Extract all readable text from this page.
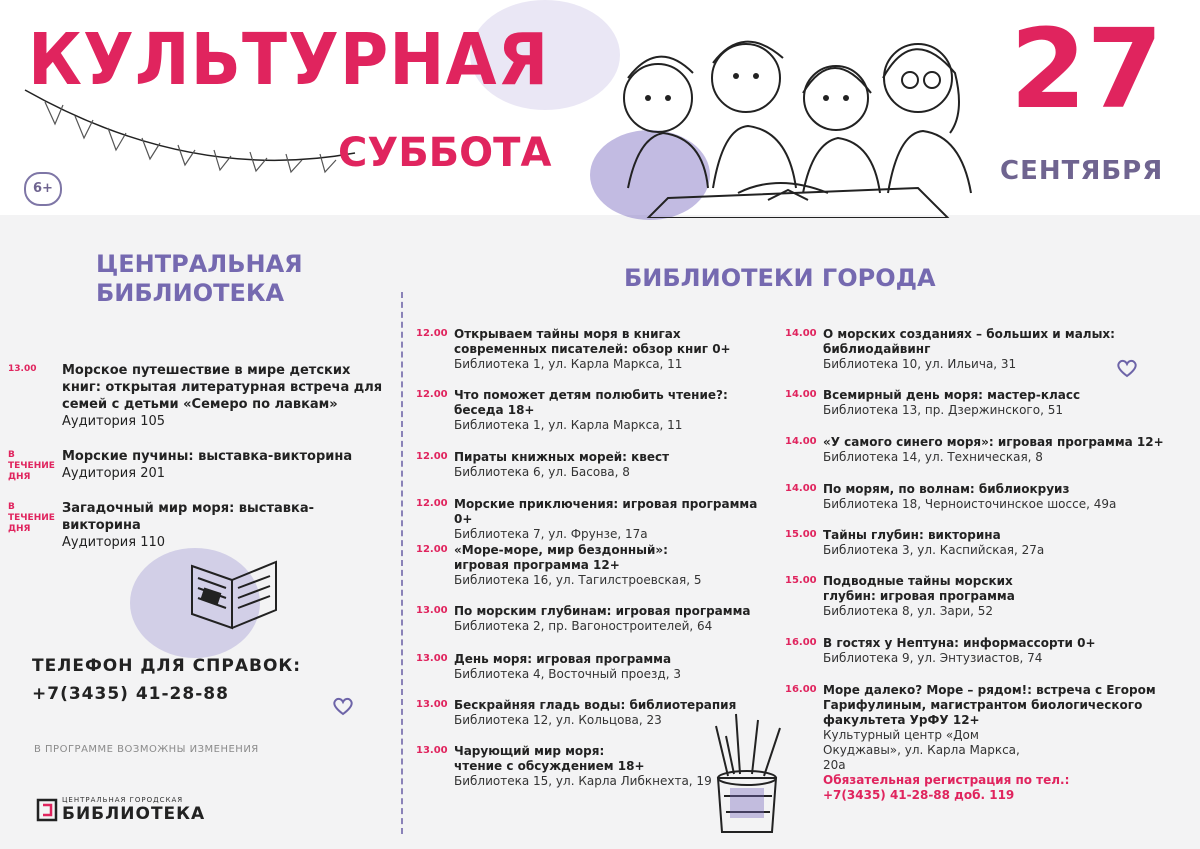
КУЛЬТУРНАЯ
СУББОТА
6+
27
СЕНТЯБРЯ
ЦЕНТРАЛЬНАЯ БИБЛИОТЕКА
13.00	Морское путешествие в мире детских книг: открытая литературная встреча для семей с детьми «Семеро по лавкам»
Аудитория 105
В ТЕЧЕНИЕ ДНЯ
Морские пучины: выставка-викторина
Аудитория 201
В ТЕЧЕНИЕ ДНЯ
Загадочный мир моря: выставка-викторина
Аудитория 110
ТЕЛЕФОН ДЛЯ СПРАВОК:
+7(3435) 41-28-88
В ПРОГРАММЕ ВОЗМОЖНЫ ИЗМЕНЕНИЯ
ЦЕНТРАЛЬНАЯ ГОРОДСКАЯ
БИБЛИОТЕКА
БИБЛИОТЕКИ ГОРОДА
12.00 Открываем тайны моря в книгах современных писателей: обзор книг 0+
Библиотека 1, ул. Карла Маркса, 11
12.00 Что поможет детям полюбить чтение?: беседа 18+
Библиотека 1, ул. Карла Маркса, 11
12.00 Пираты книжных морей: квест
Библиотека 6, ул. Басова, 8
12.00 Морские приключения: игровая программа 0+
Библиотека 7, ул. Фрунзе, 17а
12.00 «Море-море, мир бездонный»: игровая программа 12+
Библиотека 16, ул. Тагилстроевская, 5
13.00 По морским глубинам: игровая программа
Библиотека 2, пр. Вагоностроителей, 64
13.00 День моря: игровая программа
Библиотека 4, Восточный проезд, 3
13.00 Бескрайняя гладь воды: библиотерапия
Библиотека 12, ул. Кольцова, 23
13.00 Чарующий мир моря: чтение с обсуждением 18+
Библиотека 15, ул. Карла Либкнехта, 19
14.00 О морских созданиях – больших и малых: библиодайвинг
Библиотека 10, ул. Ильича, 31
14.00 Всемирный день моря: мастер-класс
Библиотека 13, пр. Дзержинского, 51
14.00 «У самого синего моря»: игровая программа 12+
Библиотека 14, ул. Техническая, 8
14.00 По морям, по волнам: библиокруиз
Библиотека 18, Черноисточинское шоссе, 49а
15.00 Тайны глубин: викторина
Библиотека 3, ул. Каспийская, 27а
15.00 Подводные тайны морских глубин: игровая программа
Библиотека 8, ул. Зари, 52
16.00 В гостях у Нептуна: информассорти 0+
Библиотека 9, ул. Энтузиастов, 74
16.00 Море далеко? Море – рядом!: встреча с Егором Гарифулиным, магистрантом биологического факультета УрФУ 12+
Культурный центр «Дом Окуджавы», ул. Карла Маркса, 20а
Обязательная регистрация по тел.:
+7(3435) 41-28-88 доб. 119
